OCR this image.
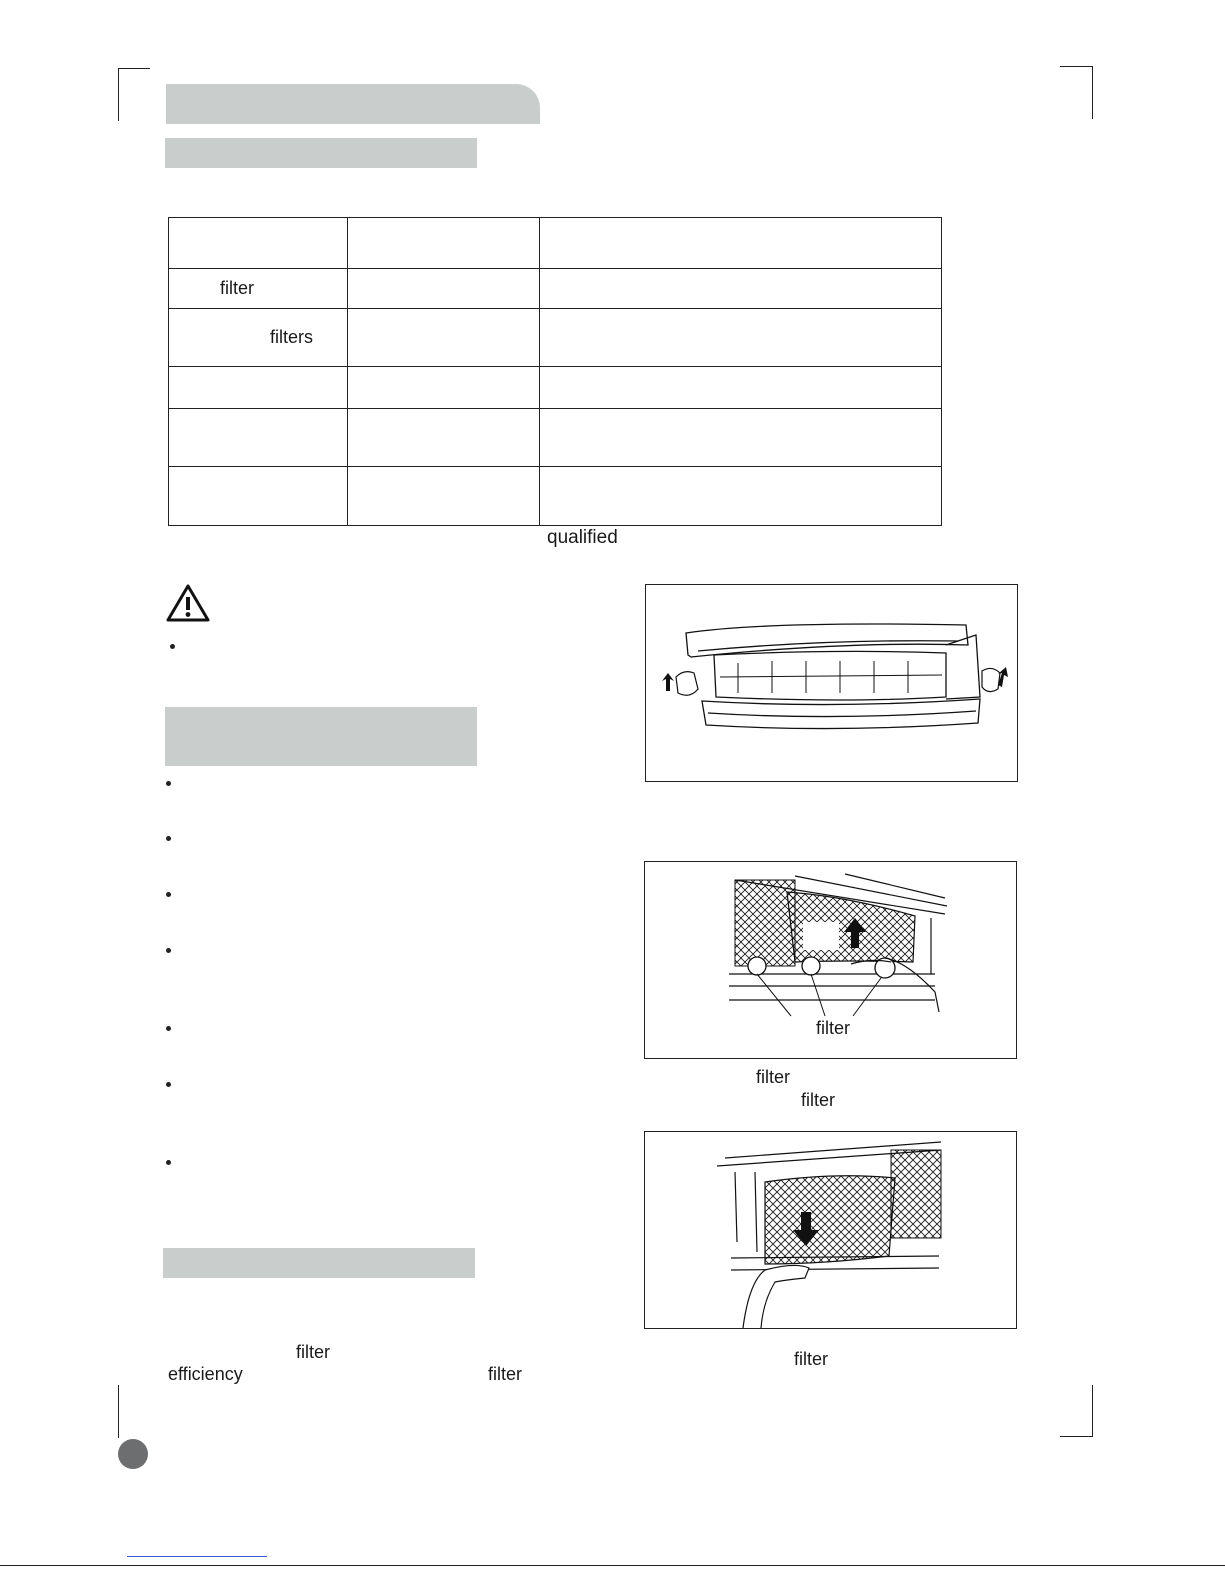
filter		
filters		

qualified
filter
filter
filter
filter
filter
efficiency	filter
